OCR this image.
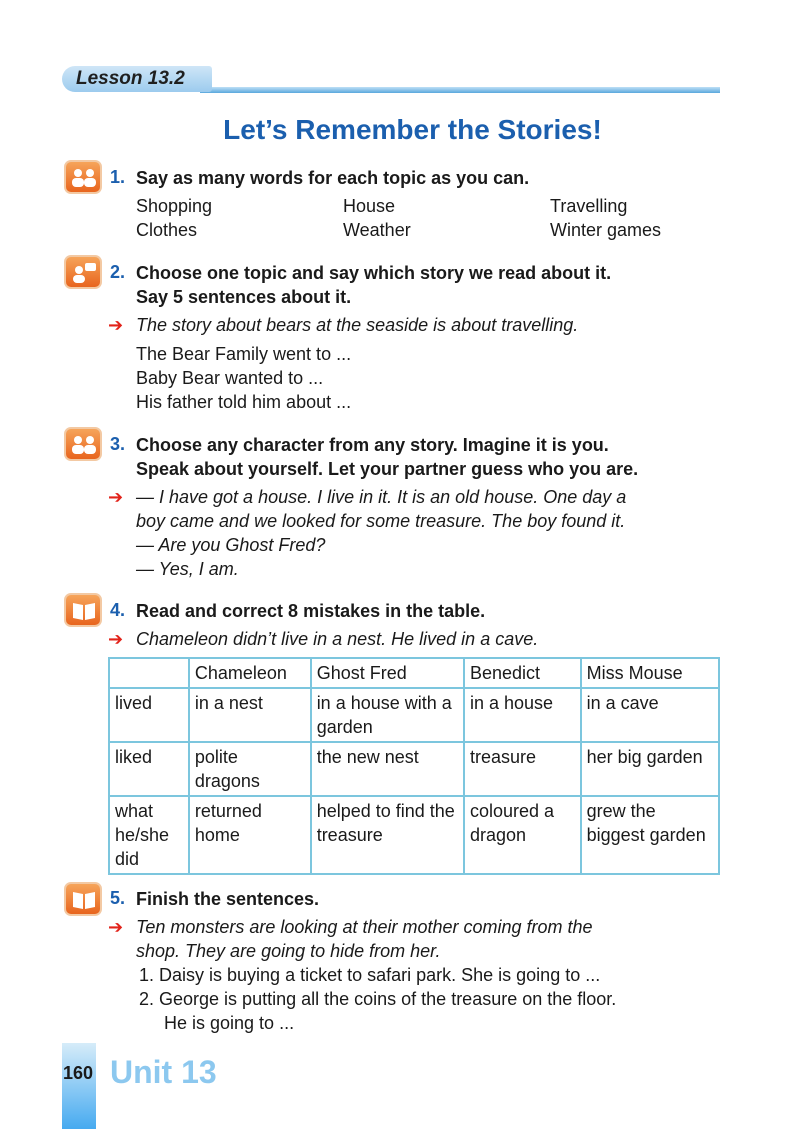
Lesson 13.2
Let’s Remember the Stories!
1. Say as many words for each topic as you can.
Shopping	House	Travelling
Clothes	Weather	Winter games
2. Choose one topic and say which story we read about it.
Say 5 sentences about it.
➔ The story about bears at the seaside is about travelling.
The Bear Family went to ...
Baby Bear wanted to ...
His father told him about ...
3. Choose any character from any story. Imagine it is you.
Speak about yourself. Let your partner guess who you are.
➔ — I have got a house. I live in it. It is an old house. One day a
boy came and we looked for some treasure. The boy found it.
— Are you Ghost Fred?
— Yes, I am.
4. Read and correct 8 mistakes in the table.
➔ Chameleon didn’t live in a nest. He lived in a cave.
	Chameleon	Ghost Fred	Benedict	Miss Mouse
lived	in a nest	in a house with a garden	in a house	in a cave
liked	polite dragons	the new nest	treasure	her big garden
what he/she did	returned home	helped to find the treasure	coloured a dragon	grew the biggest garden
5. Finish the sentences.
➔ Ten monsters are looking at their mother coming from the
shop. They are going to hide from her.
1. Daisy is buying a ticket to safari park. She is going to ...
2. George is putting all the coins of the treasure on the floor.
He is going to ...
160 Unit 13
